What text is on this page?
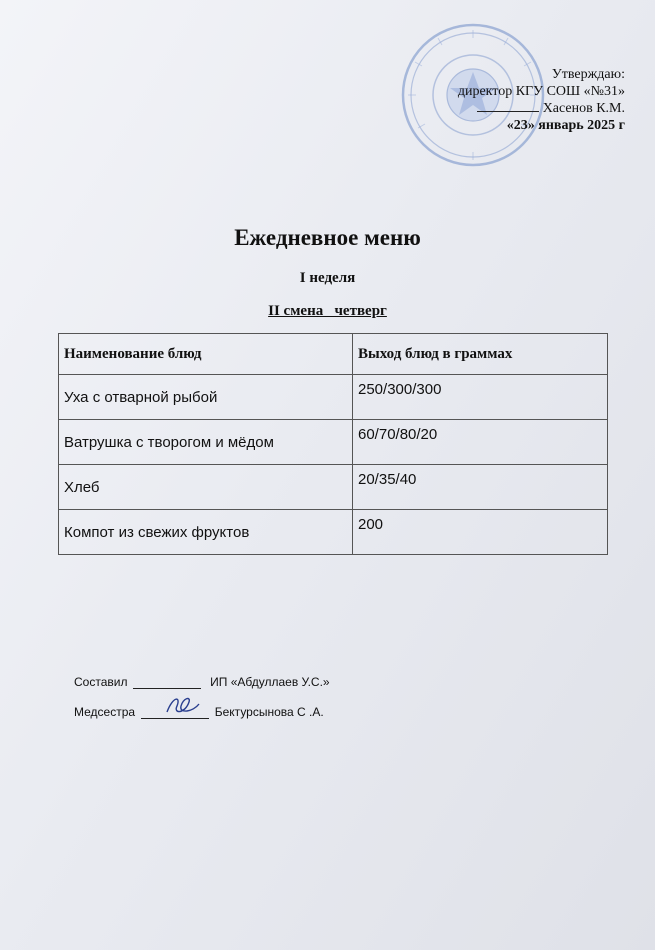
Утверждаю:
директор КГУ СОШ «№31»
Хасенов К.М.
«23» январь 2025 г
Ежедневное меню
I неделя
II смена   четверг
Наименование блюд	Выход блюд в граммах
Уха с отварной рыбой	250/300/300
Ватрушка с творогом и мёдом	60/70/80/20
Хлеб	20/35/40
Компот из свежих фруктов	200
Составил	ИП «Абдуллаев У.С.»
Медсестра	Бектурсынова С .А.
